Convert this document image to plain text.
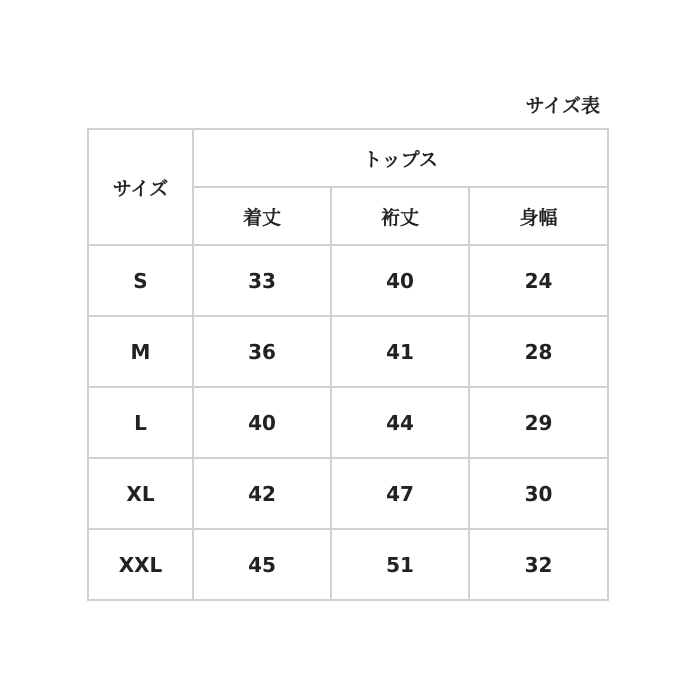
サイズ表
サイズ	トップス		
	着丈	裄丈	身幅
S	33	40	24
M	36	41	28
L	40	44	29
XL	42	47	30
XXL	45	51	32
